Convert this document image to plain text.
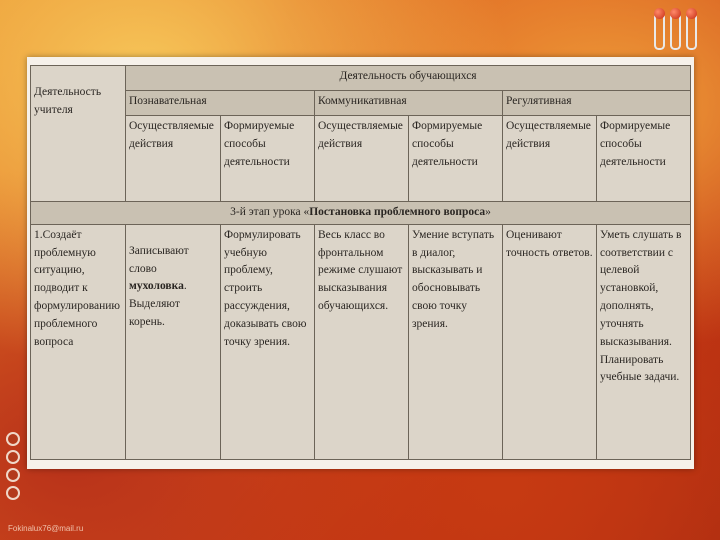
Деятельность учителя	Деятельность обучающихся					
	Познавательная		Коммуникативная		Регулятивная	
	Осуществляемые действия	Формируемые способы деятельности	Осуществляемые действия	Формируемые способы деятельности	Осуществляемые действия	Формируемые способы деятельности
3-й этап урока «Постановка проблемного вопроса»						
1.Создаёт проблемную ситуацию, подводит к формулированию проблемного вопроса	Записывают слово мухоловка. Выделяют корень.	Формулировать учебную проблему, строить рассуждения, доказывать свою точку зрения.	Весь класс во фронтальном режиме слушают высказывания обучающихся.	Умение вступать в диалог, высказывать и обосновывать свою точку зрения.	Оценивают точность ответов.	Уметь слушать в соответствии с целевой установкой, дополнять, уточнять высказывания. Планировать учебные задачи.
Fokinalux76@mail.ru
